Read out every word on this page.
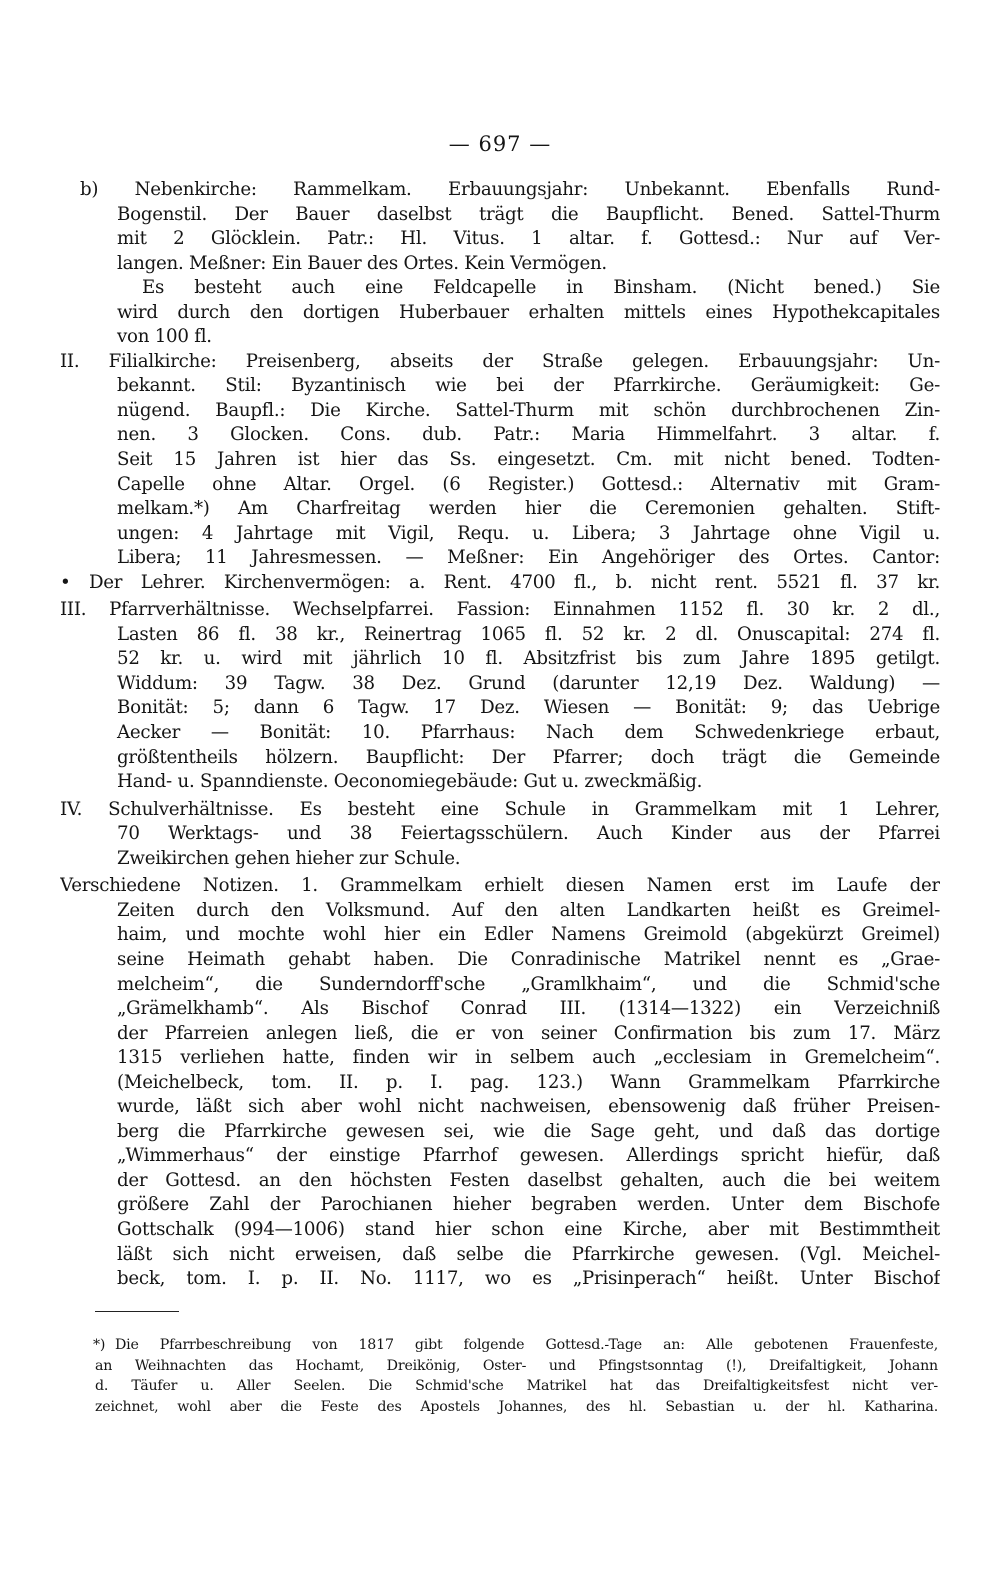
— 697 —
b) Nebenkirche: Rammelkam. Erbauungsjahr: Unbekannt. Ebenfalls Rund-
Bogenstil. Der Bauer daselbst trägt die Baupflicht. Bened. Sattel-Thurm
mit 2 Glöcklein. Patr.: Hl. Vitus. 1 altar. f. Gottesd.: Nur auf Ver-
langen. Meßner: Ein Bauer des Ortes. Kein Vermögen.
Es besteht auch eine Feldcapelle in Binsham. (Nicht bened.) Sie
wird durch den dortigen Huberbauer erhalten mittels eines Hypothekcapitales
von 100 fl.
II. Filialkirche: Preisenberg, abseits der Straße gelegen. Erbauungsjahr: Un-
bekannt. Stil: Byzantinisch wie bei der Pfarrkirche. Geräumigkeit: Ge-
nügend. Baupfl.: Die Kirche. Sattel-Thurm mit schön durchbrochenen Zin-
nen. 3 Glocken. Cons. dub. Patr.: Maria Himmelfahrt. 3 altar. f.
Seit 15 Jahren ist hier das Ss. eingesetzt. Cm. mit nicht bened. Todten-
Capelle ohne Altar. Orgel. (6 Register.) Gottesd.: Alternativ mit Gram-
melkam.*) Am Charfreitag werden hier die Ceremonien gehalten. Stift-
ungen: 4 Jahrtage mit Vigil, Requ. u. Libera; 3 Jahrtage ohne Vigil u.
Libera; 11 Jahresmessen. — Meßner: Ein Angehöriger des Ortes. Cantor:
• Der Lehrer. Kirchenvermögen: a. Rent. 4700 fl., b. nicht rent. 5521 fl. 37 kr.
III. Pfarrverhältnisse. Wechselpfarrei. Fassion: Einnahmen 1152 fl. 30 kr. 2 dl.,
Lasten 86 fl. 38 kr., Reinertrag 1065 fl. 52 kr. 2 dl. Onuscapital: 274 fl.
52 kr. u. wird mit jährlich 10 fl. Absitzfrist bis zum Jahre 1895 getilgt.
Widdum: 39 Tagw. 38 Dez. Grund (darunter 12,19 Dez. Waldung) —
Bonität: 5; dann 6 Tagw. 17 Dez. Wiesen — Bonität: 9; das Uebrige
Aecker — Bonität: 10. Pfarrhaus: Nach dem Schwedenkriege erbaut,
größtentheils hölzern. Baupflicht: Der Pfarrer; doch trägt die Gemeinde
Hand- u. Spanndienste. Oeconomiegebäude: Gut u. zweckmäßig.
IV. Schulverhältnisse. Es besteht eine Schule in Grammelkam mit 1 Lehrer,
70 Werktags- und 38 Feiertagsschülern. Auch Kinder aus der Pfarrei
Zweikirchen gehen hieher zur Schule.
Verschiedene Notizen. 1. Grammelkam erhielt diesen Namen erst im Laufe der
Zeiten durch den Volksmund. Auf den alten Landkarten heißt es Greimel-
haim, und mochte wohl hier ein Edler Namens Greimold (abgekürzt Greimel)
seine Heimath gehabt haben. Die Conradinische Matrikel nennt es „Grae-
melcheim“, die Sunderndorff'sche „Gramlkhaim“, und die Schmid'sche
„Grämelkhamb“. Als Bischof Conrad III. (1314—1322) ein Verzeichniß
der Pfarreien anlegen ließ, die er von seiner Confirmation bis zum 17. März
1315 verliehen hatte, finden wir in selbem auch „ecclesiam in Gremelcheim“.
(Meichelbeck, tom. II. p. I. pag. 123.) Wann Grammelkam Pfarrkirche
wurde, läßt sich aber wohl nicht nachweisen, ebensowenig daß früher Preisen-
berg die Pfarrkirche gewesen sei, wie die Sage geht, und daß das dortige
„Wimmerhaus“ der einstige Pfarrhof gewesen. Allerdings spricht hiefür, daß
der Gottesd. an den höchsten Festen daselbst gehalten, auch die bei weitem
größere Zahl der Parochianen hieher begraben werden. Unter dem Bischofe
Gottschalk (994—1006) stand hier schon eine Kirche, aber mit Bestimmtheit
läßt sich nicht erweisen, daß selbe die Pfarrkirche gewesen. (Vgl. Meichel-
beck, tom. I. p. II. No. 1117, wo es „Prisinperach“ heißt. Unter Bischof
*) Die Pfarrbeschreibung von 1817 gibt folgende Gottesd.-Tage an: Alle gebotenen Frauenfeste,
an Weihnachten das Hochamt, Dreikönig, Oster- und Pfingstsonntag (!), Dreifaltigkeit, Johann
d. Täufer u. Aller Seelen. Die Schmid'sche Matrikel hat das Dreifaltigkeitsfest nicht ver-
zeichnet, wohl aber die Feste des Apostels Johannes, des hl. Sebastian u. der hl. Katharina.
